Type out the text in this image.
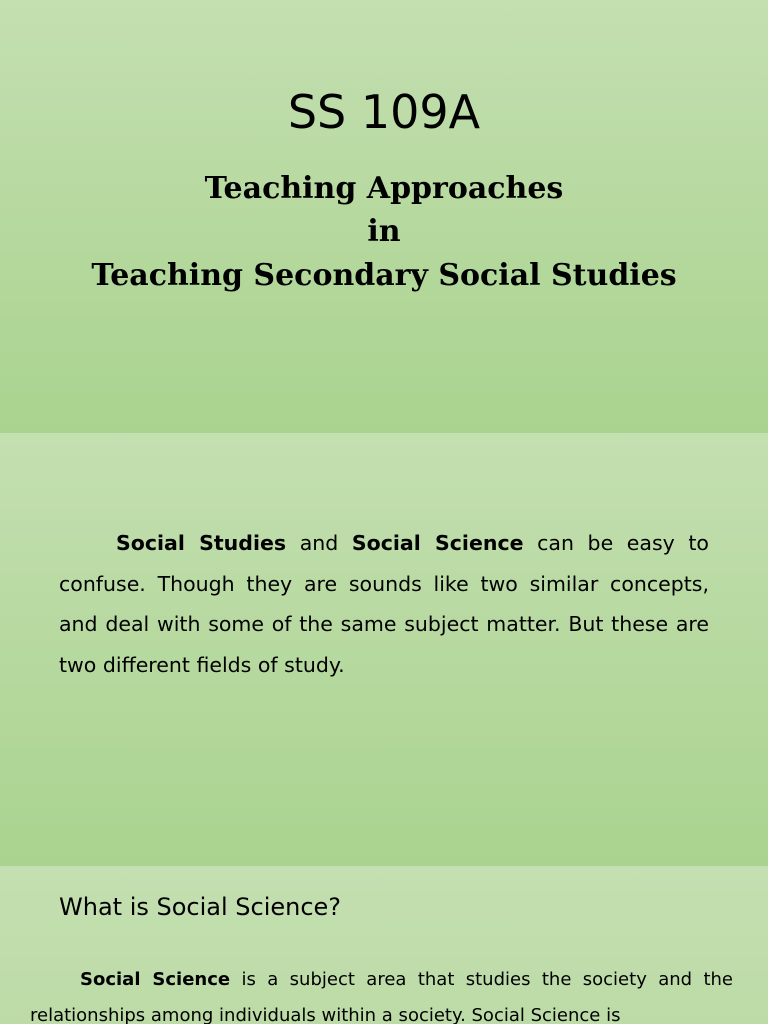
SS 109A
Teaching Approaches
in
Teaching Secondary Social Studies

Social Studies and Social Science can be easy to confuse. Though they are sounds like two similar concepts, and deal with some of the same subject matter. But these are two different fields of study.

What is Social Science?

Social Science is a subject area that studies the society and the relationships among individuals within a society. Social Science is
